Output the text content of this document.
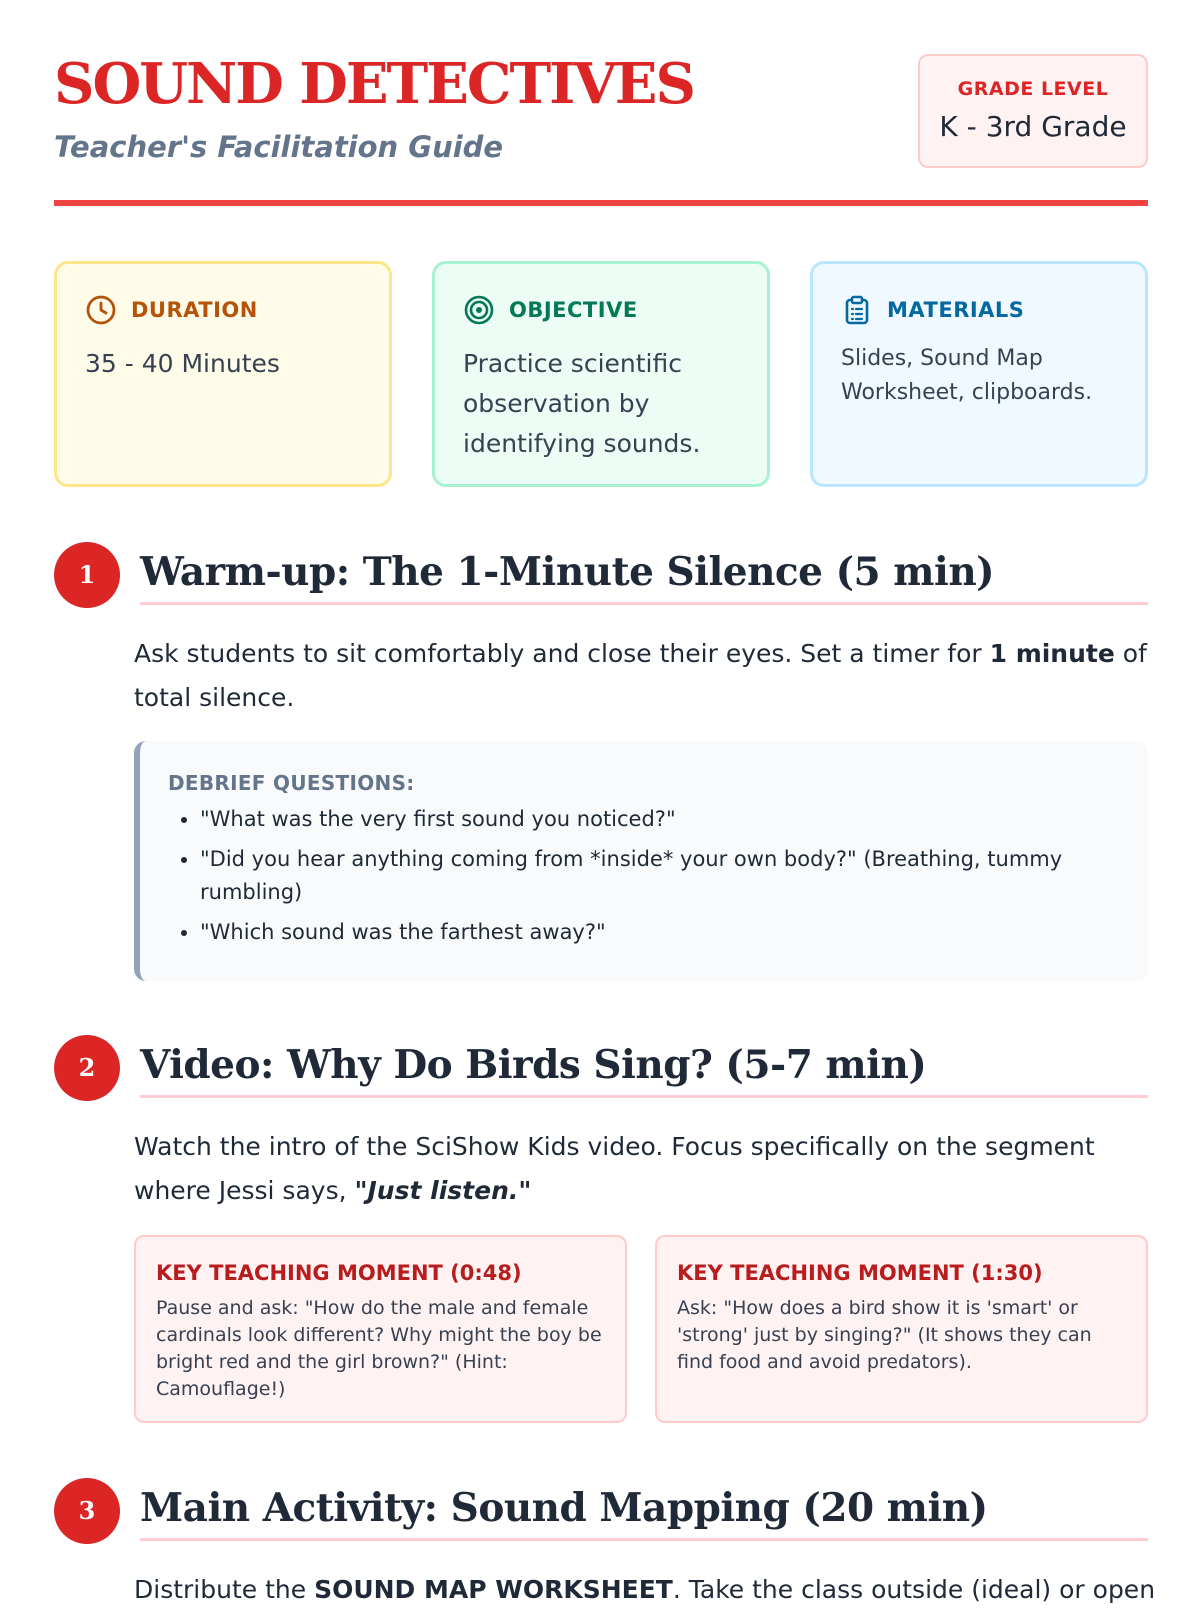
SOUND DETECTIVES

Teacher's Facilitation Guide

GRADE LEVEL
K - 3rd Grade
DURATION
35 - 40 Minutes
OBJECTIVE
Practice scientific observation by identifying sounds.
MATERIALS
Slides, Sound Map Worksheet, clipboards.
1	Warm-up: The 1-Minute Silence (5 min)

Ask students to sit comfortably and close their eyes. Set a timer for 1 minute of total silence.

DEBRIEF QUESTIONS:

• "What was the very first sound you noticed?"
• "Did you hear anything coming from *inside* your own body?" (Breathing, tummy rumbling)
• "Which sound was the farthest away?"
2	Video: Why Do Birds Sing? (5-7 min)

Watch the intro of the SciShow Kids video. Focus specifically on the segment where Jessi says, "Just listen."

KEY TEACHING MOMENT (0:48)

Pause and ask: "How do the male and female cardinals look different? Why might the boy be bright red and the girl brown?" (Hint: Camouflage!)

KEY TEACHING MOMENT (1:30)

Ask: "How does a bird show it is 'smart' or 'strong' just by singing?" (It shows they can find food and avoid predators).

3	Main Activity: Sound Mapping (20 min)

Distribute the SOUND MAP WORKSHEET. Take the class outside (ideal) or open
